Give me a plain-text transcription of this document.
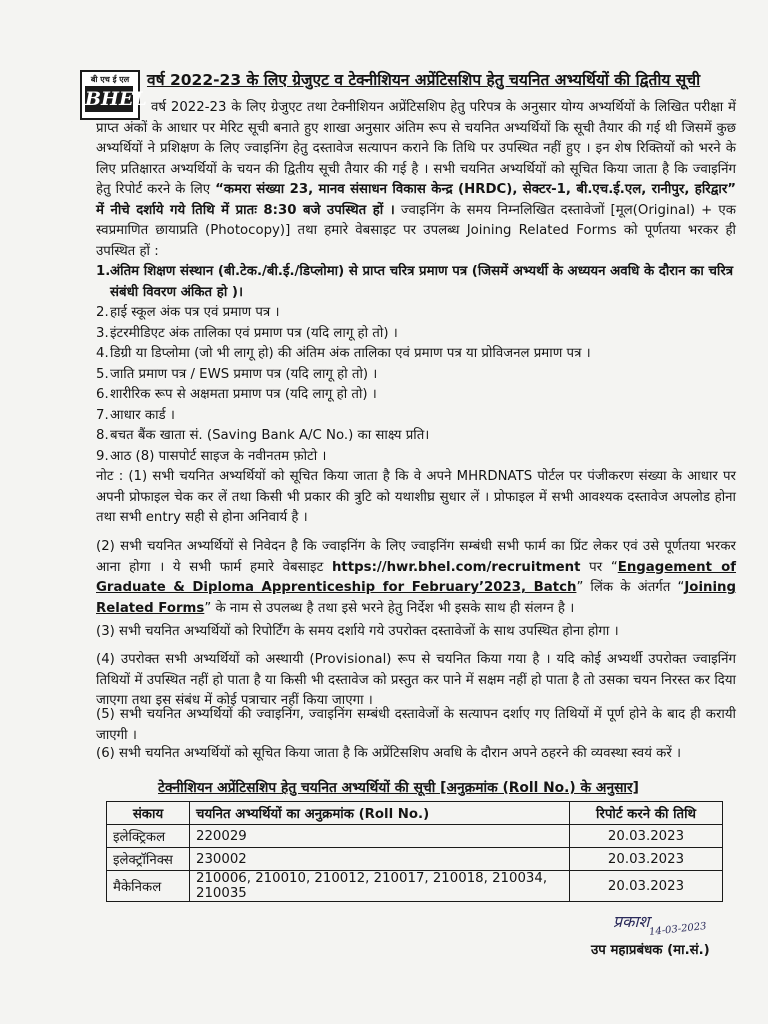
बी एच ई एल
BHEL
वर्ष 2022-23 के लिए ग्रेजुएट व टेक्नीशियन अप्रेंटिसशिप हेतु चयनित अभ्यर्थियों की द्वितीय सूची
वर्ष 2022-23 के लिए ग्रेजुएट तथा टेक्नीशियन अप्रेंटिसशिप हेतु परिपत्र के अनुसार योग्य अभ्यर्थियों के लिखित परीक्षा में प्राप्त अंकों के आधार पर मेरिट सूची बनाते हुए शाखा अनुसार अंतिम रूप से चयनित अभ्यर्थियों कि सूची तैयार की गई थी जिसमें कुछ अभ्यर्थियों ने प्रशिक्षण के लिए ज्वाइनिंग हेतु दस्तावेज सत्यापन कराने कि तिथि पर उपस्थित नहीं हुए । इन शेष रिक्तियों को भरने के लिए प्रतिक्षारत अभ्यर्थियों के चयन की द्वितीय सूची तैयार की गई है । सभी चयनित अभ्यर्थियों को सूचित किया जाता है कि ज्वाइनिंग हेतु रिपोर्ट करने के लिए “कमरा संख्या 23, मानव संसाधन विकास केन्द्र (HRDC), सेक्टर-1, बी.एच.ई.एल, रानीपुर, हरिद्वार” में नीचे दर्शाये गये तिथि में प्रातः 8:30 बजे उपस्थित हों । ज्वाइनिंग के समय निम्नलिखित दस्तावेजों [मूल(Original) + एक स्वप्रमाणित छायाप्रति (Photocopy)] तथा हमारे वेबसाइट पर उपलब्ध Joining Related Forms को पूर्णतया भरकर ही उपस्थित हों :
1. अंतिम शिक्षण संस्थान (बी.टेक./बी.ई./डिप्लोमा) से प्राप्त चरित्र प्रमाण पत्र (जिसमें अभ्यर्थी के अध्ययन अवधि के दौरान का चरित्र संबंधी विवरण अंकित हो )।
2. हाई स्कूल अंक पत्र एवं प्रमाण पत्र ।
3. इंटरमीडिएट अंक तालिका एवं प्रमाण पत्र (यदि लागू हो तो) ।
4. डिग्री या डिप्लोमा (जो भी लागू हो) की अंतिम अंक तालिका एवं प्रमाण पत्र या प्रोविजनल प्रमाण पत्र ।
5. जाति प्रमाण पत्र / EWS प्रमाण पत्र (यदि लागू हो तो) ।
6. शारीरिक रूप से अक्षमता प्रमाण पत्र (यदि लागू हो तो) ।
7. आधार कार्ड ।
8. बचत बैंक खाता सं. (Saving Bank A/C No.) का साक्ष्य प्रति।
9. आठ (8) पासपोर्ट साइज के नवीनतम फ़ोटो ।
नोट : (1) सभी चयनित अभ्यर्थियों को सूचित किया जाता है कि वे अपने MHRDNATS पोर्टल पर पंजीकरण संख्या के आधार पर अपनी प्रोफाइल चेक कर लें तथा किसी भी प्रकार की त्रुटि को यथाशीघ्र सुधार लें । प्रोफाइल में सभी आवश्यक दस्तावेज अपलोड होना तथा सभी entry सही से होना अनिवार्य है ।
(2) सभी चयनित अभ्यर्थियों से निवेदन है कि ज्वाइनिंग के लिए ज्वाइनिंग सम्बंधी सभी फार्म का प्रिंट लेकर एवं उसे पूर्णतया भरकर आना होगा । ये सभी फार्म हमारे वेबसाइट https://hwr.bhel.com/recruitment पर “Engagement of Graduate & Diploma Apprenticeship for February’2023, Batch” लिंक के अंतर्गत “Joining Related Forms” के नाम से उपलब्ध है तथा इसे भरने हेतु निर्देश भी इसके साथ ही संलग्न है ।
(3) सभी चयनित अभ्यर्थियों को रिपोर्टिंग के समय दर्शाये गये उपरोक्त दस्तावेजों के साथ उपस्थित होना होगा ।
(4) उपरोक्त सभी अभ्यर्थियों को अस्थायी (Provisional) रूप से चयनित किया गया है । यदि कोई अभ्यर्थी उपरोक्त ज्वाइनिंग तिथियों में उपस्थित नहीं हो पाता है या किसी भी दस्तावेज को प्रस्तुत कर पाने में सक्षम नहीं हो पाता है तो उसका चयन निरस्त कर दिया जाएगा तथा इस संबंध में कोई पत्राचार नहीं किया जाएगा ।
(5) सभी चयनित अभ्यर्थियों की ज्वाइनिंग, ज्वाइनिंग सम्बंधी दस्तावेजों के सत्यापन दर्शाए गए तिथियों में पूर्ण होने के बाद ही करायी जाएगी ।
(6) सभी चयनित अभ्यर्थियों को सूचित किया जाता है कि अप्रेंटिसशिप अवधि के दौरान अपने ठहरने की व्यवस्था स्वयं करें ।
टेक्नीशियन अप्रेंटिसशिप हेतु चयनित अभ्यर्थियों की सूची [अनुक्रमांक (Roll No.) के अनुसार]
संकाय	चयनित अभ्यर्थियों का अनुक्रमांक (Roll No.)	रिपोर्ट करने की तिथि
इलेक्ट्रिकल	220029	20.03.2023
इलेक्ट्रॉनिक्स	230002	20.03.2023
मैकेनिकल	210006, 210010, 210012, 210017, 210018, 210034, 210035	20.03.2023
प्रकाश 14-03-2023
उप महाप्रबंधक (मा.सं.)
